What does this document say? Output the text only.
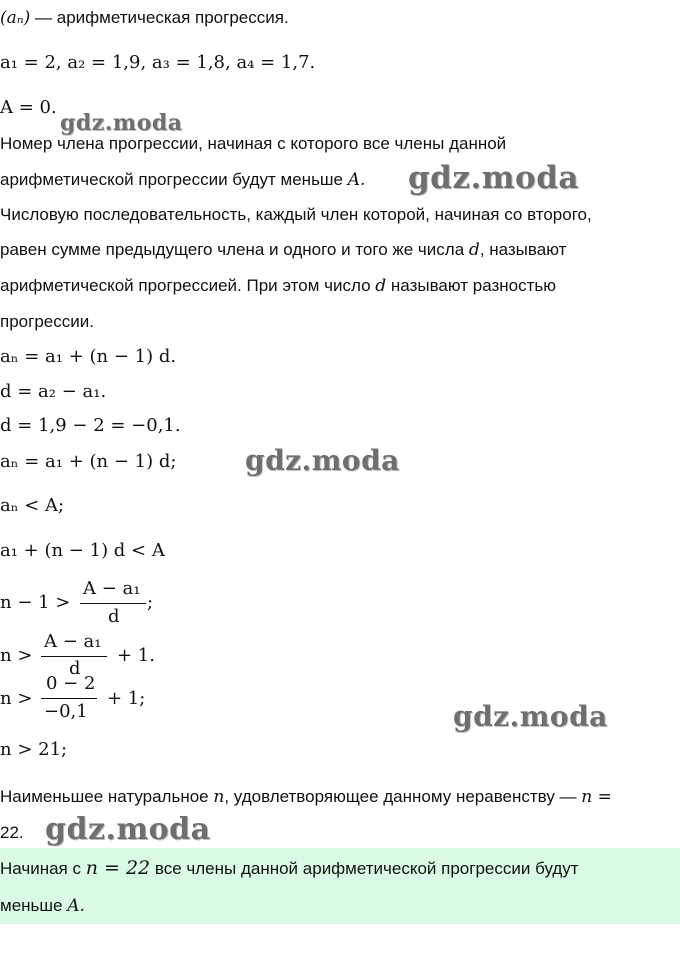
(aₙ) — арифметическая прогрессия.
a₁ = 2, a₂ = 1,9, a₃ = 1,8, a₄ = 1,7.
A = 0.
Номер члена прогрессии, начиная с которого все члены данной
арифметической прогрессии будут меньше A.
Числовую последовательность, каждый член которой, начиная со второго,
равен сумме предыдущего члена и одного и того же числа d, называют
арифметической прогрессией. При этом число d называют разностью
прогрессии.
aₙ = a₁ + (n − 1) d.
d = a₂ − a₁.
d = 1,9 − 2 = −0,1.
aₙ = a₁ + (n − 1) d;
aₙ < A;
a₁ + (n − 1) d < A
n − 1 >
A − a₁
d
;
n >
A − a₁
d
+ 1.
n >
0 − 2
−0,1
+ 1;
n > 21;
Наименьшее натуральное n, удовлетворяющее данному неравенству — n =
22.
Начиная с n = 22 все члены данной арифметической прогрессии будут
меньше A.
gdz.moda
gdz.moda
gdz.moda
gdz.moda
gdz.moda
